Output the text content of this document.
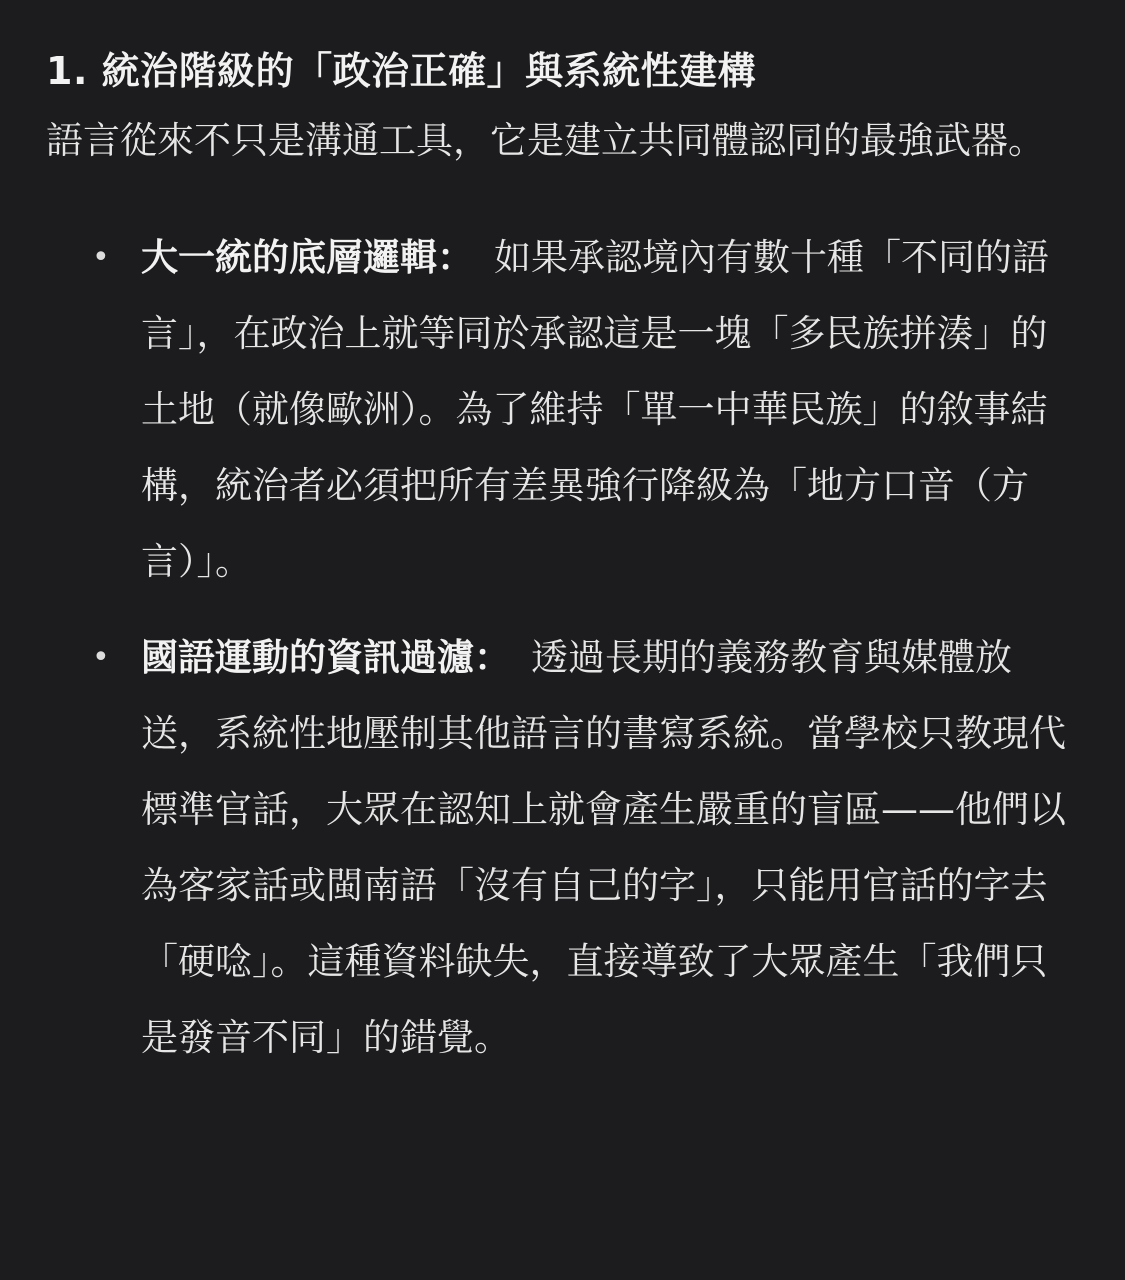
1. 統治階級的「政治正確」與系統性建構
語言從來不只是溝通工具，它是建立共同體認同的最強武器。
• 大一統的底層邏輯： 如果承認境內有數十種「不同的語言」，在政治上就等同於承認這是一塊「多民族拼湊」的土地（就像歐洲）。為了維持「單一中華民族」的敘事結構，統治者必須把所有差異強行降級為「地方口音（方言）」。
• 國語運動的資訊過濾： 透過長期的義務教育與媒體放送，系統性地壓制其他語言的書寫系統。當學校只教現代標準官話，大眾在認知上就會產生嚴重的盲區——他們以為客家話或閩南語「沒有自己的字」，只能用官話的字去「硬唸」。這種資料缺失，直接導致了大眾產生「我們只是發音不同」的錯覺。
